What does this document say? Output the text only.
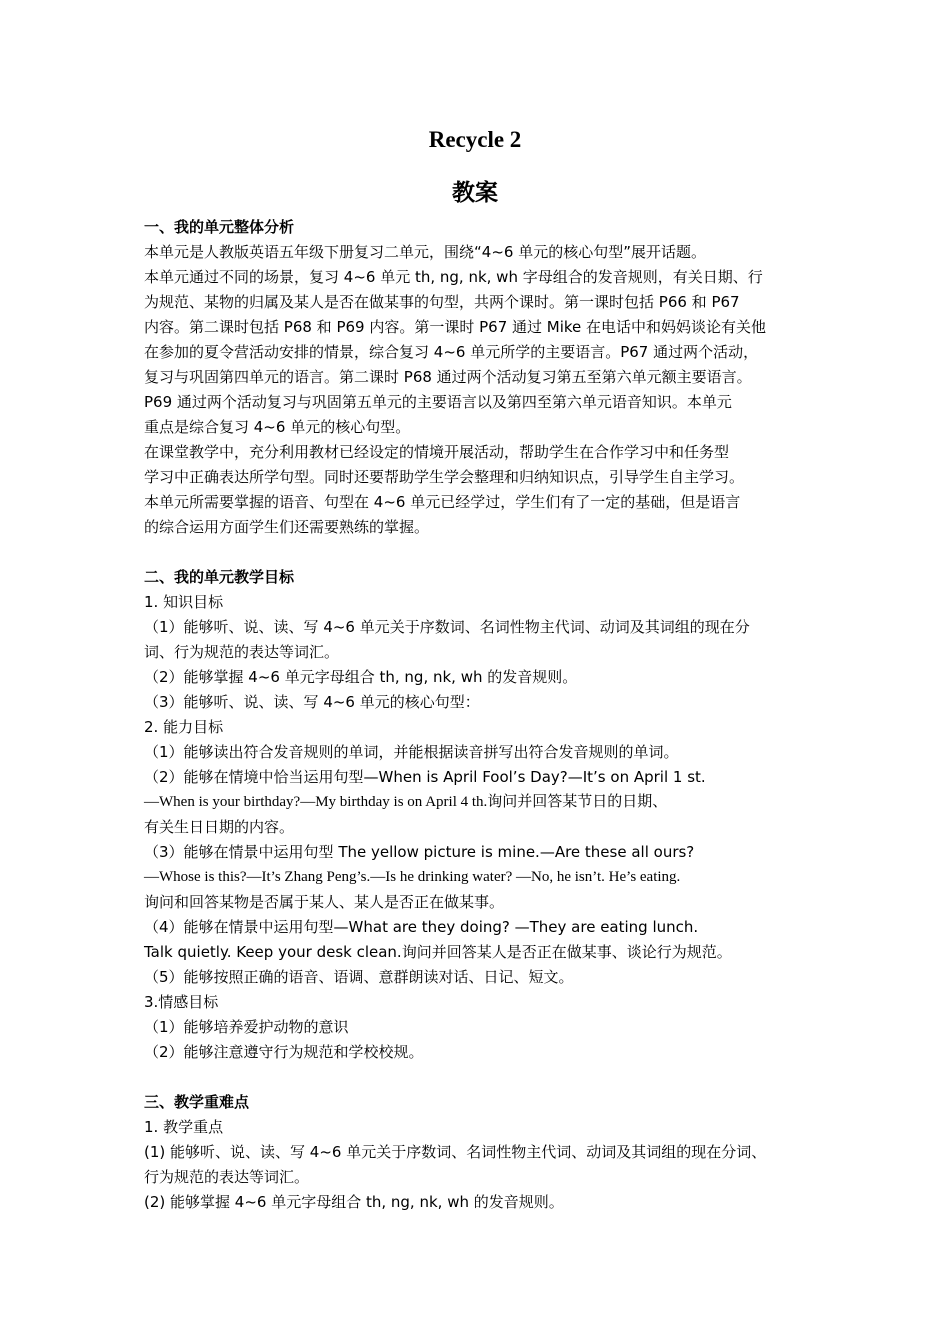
Recycle 2
教案

一、我的单元整体分析

本单元是人教版英语五年级下册复习二单元，围绕“4~6 单元的核心句型”展开话题。

本单元通过不同的场景，复习 4~6 单元 th, ng, nk, wh 字母组合的发音规则，有关日期、行

为规范、某物的归属及某人是否在做某事的句型，共两个课时。第一课时包括 P66 和 P67

内容。第二课时包括 P68 和 P69 内容。第一课时 P67 通过 Mike 在电话中和妈妈谈论有关他

在参加的夏令营活动安排的情景，综合复习 4~6 单元所学的主要语言。P67 通过两个活动，

复习与巩固第四单元的语言。第二课时 P68 通过两个活动复习第五至第六单元额主要语言。

P69 通过两个活动复习与巩固第五单元的主要语言以及第四至第六单元语音知识。本单元

重点是综合复习 4~6 单元的核心句型。

在课堂教学中，充分利用教材已经设定的情境开展活动，帮助学生在合作学习中和任务型

学习中正确表达所学句型。同时还要帮助学生学会整理和归纳知识点，引导学生自主学习。

本单元所需要掌握的语音、句型在 4~6 单元已经学过，学生们有了一定的基础，但是语言

的综合运用方面学生们还需要熟练的掌握。

二、我的单元教学目标

1. 知识目标

（1）能够听、说、读、写 4~6 单元关于序数词、名词性物主代词、动词及其词组的现在分

词、行为规范的表达等词汇。

（2）能够掌握 4~6 单元字母组合 th, ng, nk, wh 的发音规则。

（3）能够听、说、读、写 4~6 单元的核心句型：

2. 能力目标

（1）能够读出符合发音规则的单词，并能根据读音拼写出符合发音规则的单词。

（2）能够在情境中恰当运用句型—When is April Fool’s Day?—It’s on April 1 st.

—When is your birthday?—My birthday is on April 4 th.询问并回答某节日的日期、

有关生日日期的内容。

（3）能够在情景中运用句型 The yellow picture is mine.—Are these all ours?

—Whose is this?—It’s Zhang Peng’s.—Is he drinking water? —No, he isn’t. He’s eating.

询问和回答某物是否属于某人、某人是否正在做某事。

（4）能够在情景中运用句型—What are they doing? —They are eating lunch.

Talk quietly. Keep your desk clean.询问并回答某人是否正在做某事、谈论行为规范。

（5）能够按照正确的语音、语调、意群朗读对话、日记、短文。

3.情感目标

（1）能够培养爱护动物的意识

（2）能够注意遵守行为规范和学校校规。

三、教学重难点

1. 教学重点

(1) 能够听、说、读、写 4~6 单元关于序数词、名词性物主代词、动词及其词组的现在分词、

行为规范的表达等词汇。

(2) 能够掌握 4~6 单元字母组合 th, ng, nk, wh 的发音规则。
